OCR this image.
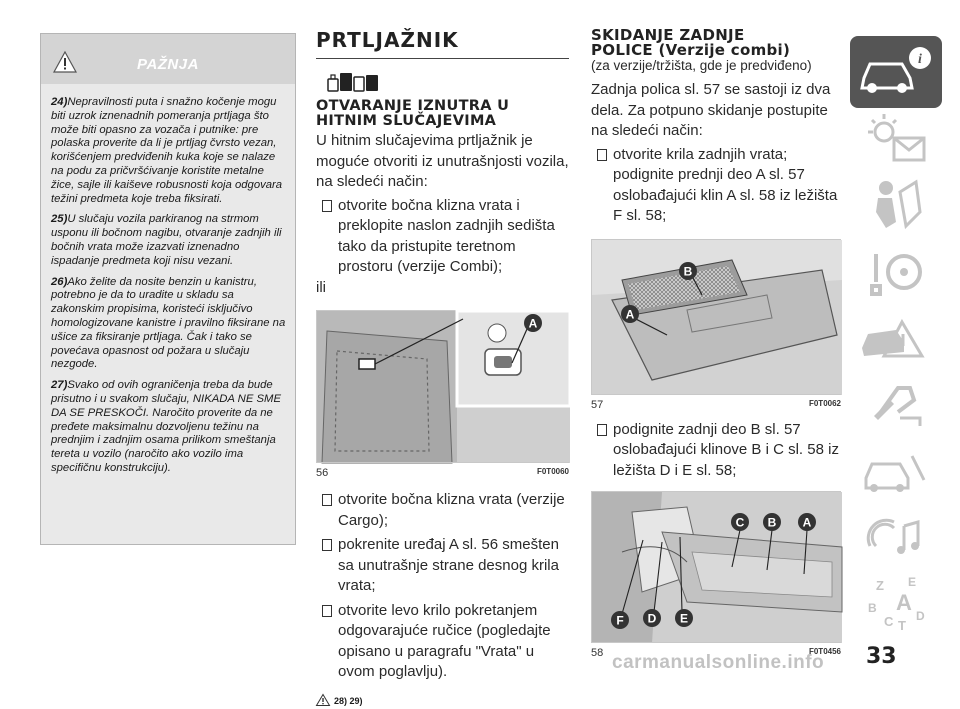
PAŽNJA

24)Nepravilnosti puta i snažno kočenje mogu biti uzrok iznenadnih pomeranja prtljaga što može biti opasno za vozača i putnike: pre polaska proverite da li je prtljag čvrsto vezan, korišćenjem predviđenih kuka koje se nalaze na podu za pričvršćivanje koristite metalne žice, sajle ili kaiševe robusnosti koja odgovara težini predmeta koje treba fiksirati.

25)U slučaju vozila parkiranog na strmom usponu ili bočnom nagibu, otvaranje zadnjih ili bočnih vrata može izazvati iznenadno ispadanje predmeta koji nisu vezani.

26)Ako želite da nosite benzin u kanistru, potrebno je da to uradite u skladu sa zakonskim propisima, koristeći isključivo homologizovane kanistre i pravilno fiksirane na ušice za fiksiranje prtljaga. Čak i tako se povećava opasnost od požara u slučaju nezgode.

27)Svako od ovih ograničenja treba da bude prisutno i u svakom slučaju, NIKADA NE SME DA SE PRESKOČI. Naročito proverite da ne pređete maksimalnu dozvoljenu težinu na prednjim i zadnjim osama prilikom smeštanja tereta u vozilo (naročito ako vozilo ima specifičnu konstrukciju).

PRTLJAŽNIK
OTVARANJE IZNUTRA U HITNIM SLUČAJEVIMA
U hitnim slučajevima prtljažnik je moguće otvoriti iz unutrašnjosti vozila, na sledeći način:
otvorite bočna klizna vrata i preklopite naslon zadnjih sedišta tako da pristupite teretnom prostoru (verzije Combi);
ili
A
56	F0T0060
otvorite bočna klizna vrata (verzije Cargo);
pokrenite uređaj A sl. 56 smešten sa unutrašnje strane desnog krila vrata;
otvorite levo krilo pokretanjem odgovarajuće ručice (pogledajte opisano u paragrafu "Vrata" u ovom poglavlju).
28) 29)
SKIDANJE ZADNJE
POLICE (Verzije combi)
(za verzije/tržišta, gde je predviđeno)
Zadnja polica sl. 57 se sastoji iz dva dela. Za potpuno skidanje postupite na sledeći način:
otvorite krila zadnjih vrata; podignite prednji deo A sl. 57 oslobađajući klin A sl. 58 iz ležišta F sl. 58;
A
B
57	F0T0062
podignite zadnji deo B sl. 57 oslobađajući klinove B i C sl. 58 iz ležišta D i E sl. 58;
C B A
F D E
58	F0T0456
i
Z E
B A
C T
D
carmanualsonline.info 33
